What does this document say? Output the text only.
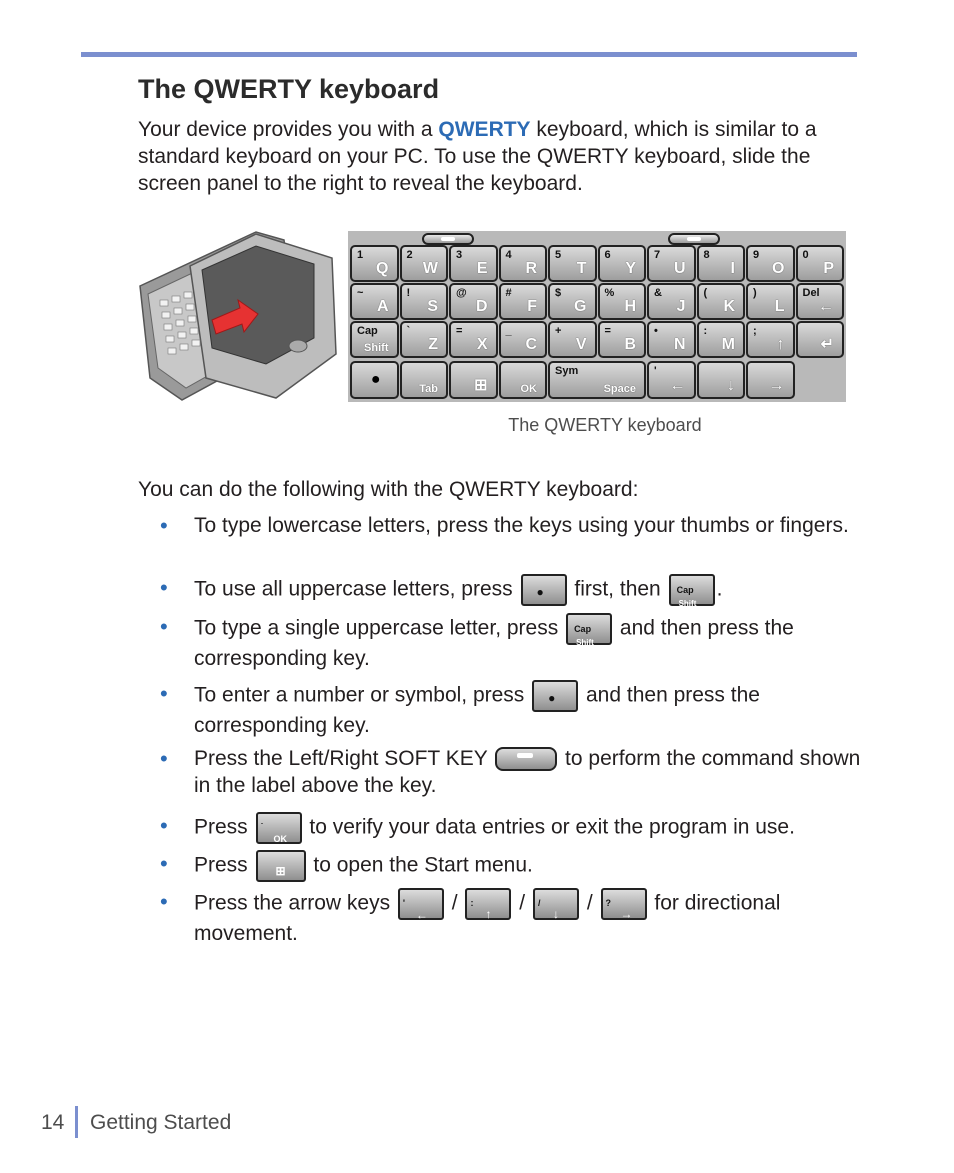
The QWERTY keyboard

Your device provides you with a QWERTY keyboard, which is similar to a standard keyboard on your PC. To use the QWERTY keyboard, slide the screen panel to the right to reveal the keyboard.

1
Q
2
W
3
E
4
R
5
T
6
Y
7
U
8
I
9
O
0
P
~
A
!
S
@
D
#
F
$
G
%
H
&
J
(
K
)
L
Del
←
Cap
Shift
`
Z
=
X
_
C
+
V
=
B
•
N
:
M
;
↑ ↵
●
Tab ⊞	OK
Sym
Space
'
←	↓ →
The QWERTY keyboard

You can do the following with the QWERTY keyboard:

• To type lowercase letters, press the keys using your thumbs or fingers.
• To use all uppercase letters, press ● first, then Cap
Shift
.
• To type a single uppercase letter, press Cap
Shift
and then press the corresponding key.
• To enter a number or symbol, press ● and then press the corresponding key.
• Press the Left/Right SOFT KEY	to perform the command shown in the label above the key.
• Press ˙
OK
to verify your data entries or exit the program in use.
• Press ⊞ to open the Start menu.
• Press the arrow keys '
←
/ :
↑ / /
↓ / ?
→ for directional movement.
14 Getting Started
